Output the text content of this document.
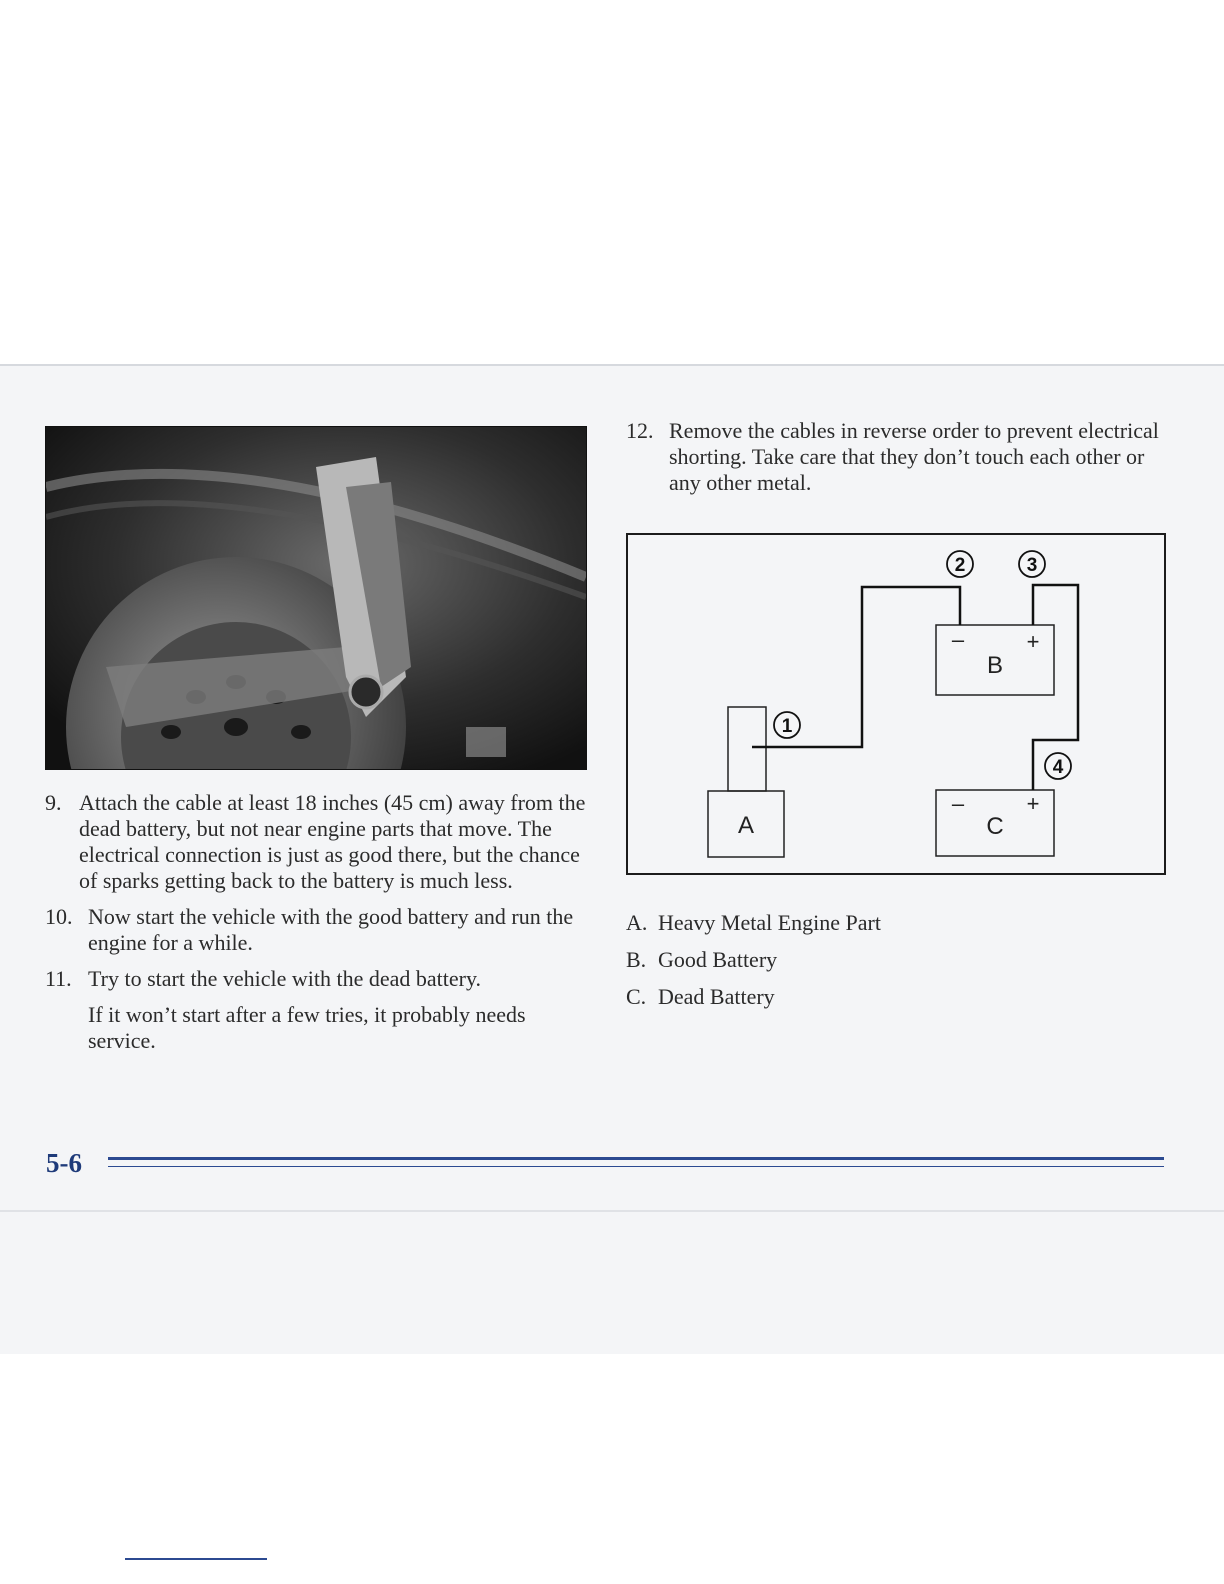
9. Attach the cable at least 18 inches (45 cm) away from the dead battery, but not near engine parts that move. The electrical connection is just as good there, but the chance of sparks getting back to the battery is much less.
10. Now start the vehicle with the good battery and run the engine for a while.
11. Try to start the vehicle with the dead battery.
If it won’t start after a few tries, it probably needs service.
12. Remove the cables in reverse order to prevent electrical shorting. Take care that they don’t touch each other or any other metal.
A
–	+
B
–	+
C
1
2	3
4
A. Heavy Metal Engine Part
B. Good Battery
C. Dead Battery
5-6
